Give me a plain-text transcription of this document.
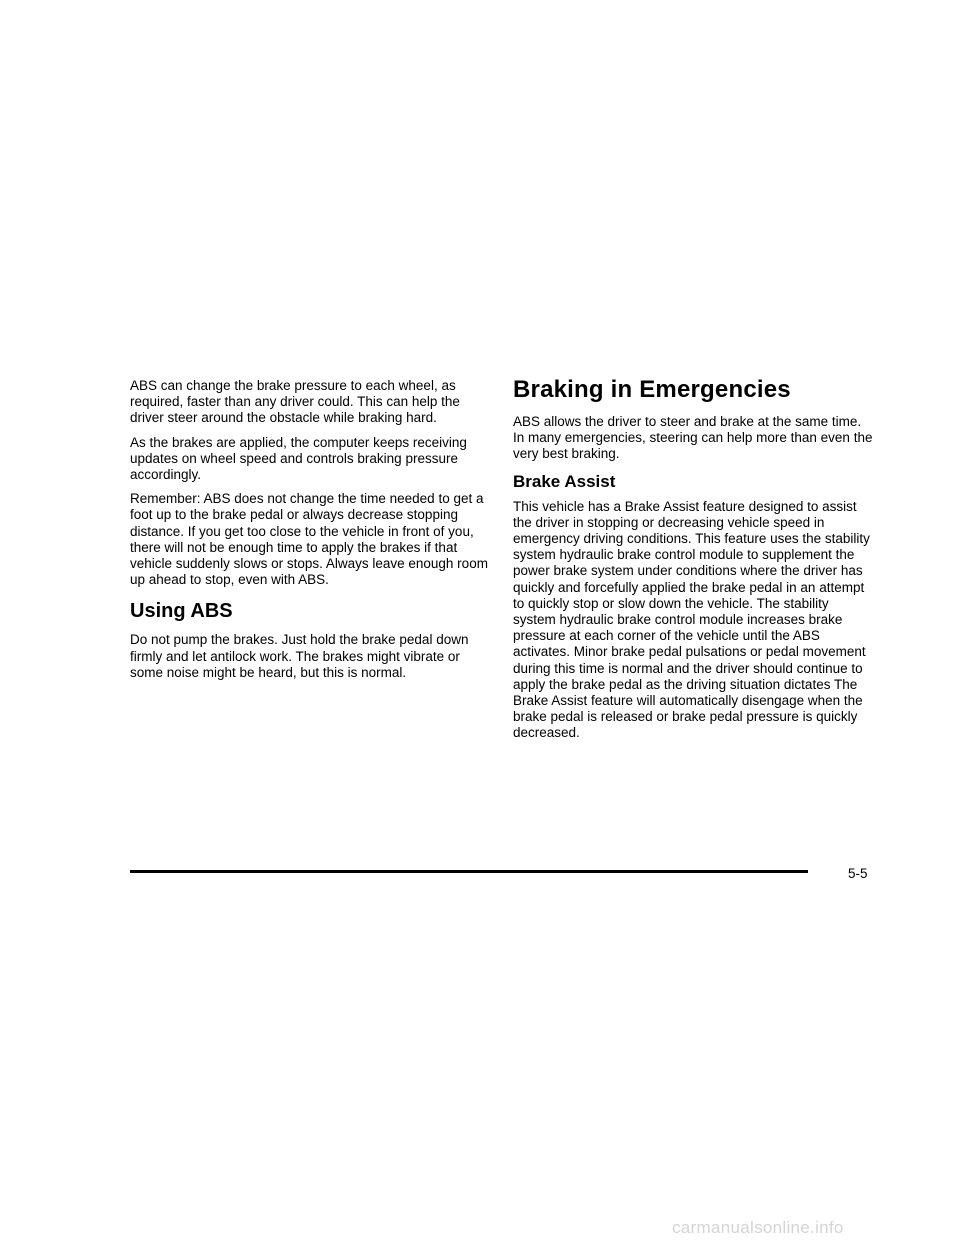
ABS can change the brake pressure to each wheel, as required, faster than any driver could. This can help the driver steer around the obstacle while braking hard.

As the brakes are applied, the computer keeps receiving updates on wheel speed and controls braking pressure accordingly.

Remember: ABS does not change the time needed to get a foot up to the brake pedal or always decrease stopping distance. If you get too close to the vehicle in front of you, there will not be enough time to apply the brakes if that vehicle suddenly slows or stops. Always leave enough room up ahead to stop, even with ABS.

Using ABS

Do not pump the brakes. Just hold the brake pedal down firmly and let antilock work. The brakes might vibrate or some noise might be heard, but this is normal.

Braking in Emergencies

ABS allows the driver to steer and brake at the same time. In many emergencies, steering can help more than even the very best braking.

Brake Assist

This vehicle has a Brake Assist feature designed to assist the driver in stopping or decreasing vehicle speed in emergency driving conditions. This feature uses the stability system hydraulic brake control module to supplement the power brake system under conditions where the driver has quickly and forcefully applied the brake pedal in an attempt to quickly stop or slow down the vehicle. The stability system hydraulic brake control module increases brake pressure at each corner of the vehicle until the ABS activates. Minor brake pedal pulsations or pedal movement during this time is normal and the driver should continue to apply the brake pedal as the driving situation dictates The Brake Assist feature will automatically disengage when the brake pedal is released or brake pedal pressure is quickly decreased.

5-5
carmanualsonline.info
